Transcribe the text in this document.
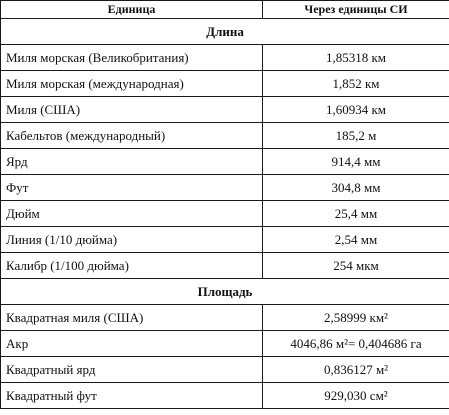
Единица	Через единицы СИ
Длина	
Миля морская (Великобритания)	1,85318 км
Миля морская (международная)	1,852 км
Миля (США)	1,60934 км
Кабельтов (международный)	185,2 м
Ярд	914,4 мм
Фут	304,8 мм
Дюйм	25,4 мм
Линия (1/10 дюйма)	2,54 мм
Калибр (1/100 дюйма)	254 мкм
Площадь	
Квадратная миля (США)	2,58999 км²
Акр	4046,86 м²= 0,404686 га
Квадратный ярд	0,836127 м²
Квадратный фут	929,030 см²
